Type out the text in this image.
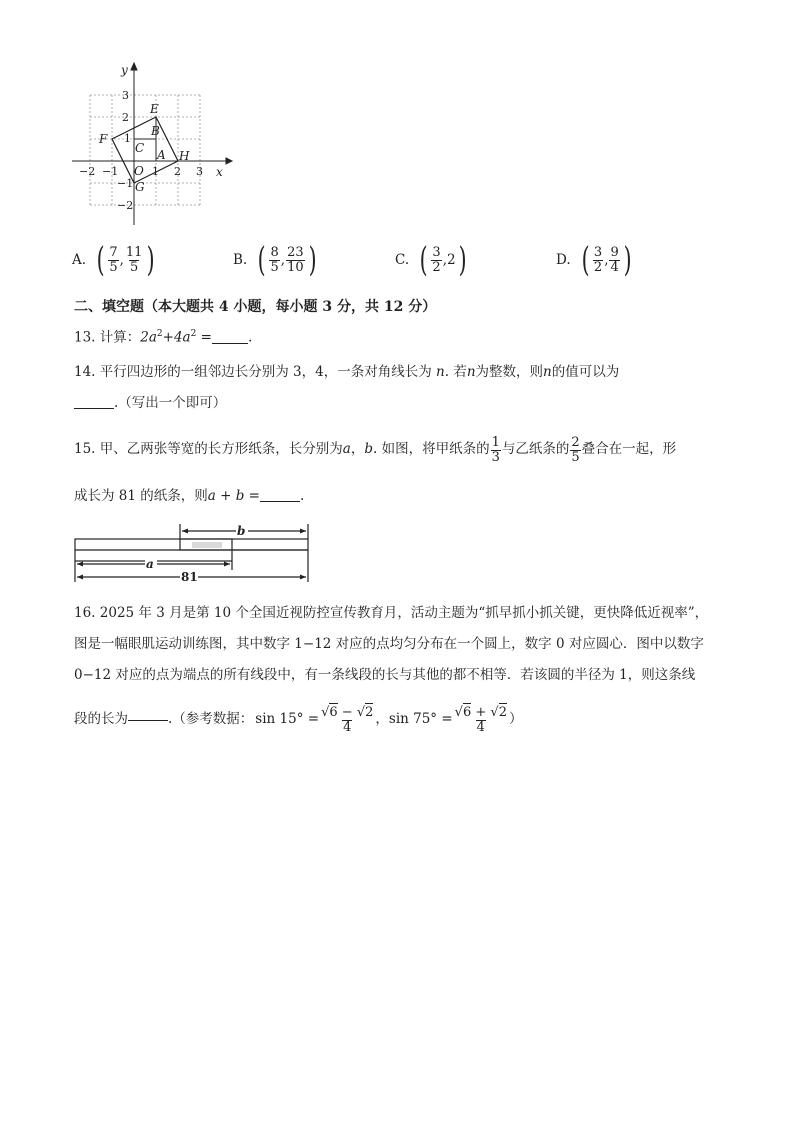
y
x
E
F
B
C A H
G
O
3
2
1
−1
−2
−2 −1	1 2 3
A. ( $\frac{7}{5}$ , $\frac{11}{5}$ )	B. ( $\frac{8}{5}$ , $\frac{23}{10}$ )	C. ( $\frac{3}{2}$ , 2 )	D. ( $\frac{3}{2}$ , $\frac{9}{4}$ )
二、填空题（本大题共 4 小题，每小题 3 分，共 12 分）
13. 计算：$2a^2+4a^2$ =	.
14. 平行四边形的一组邻边长分别为 3，4，一条对角线长为 n. 若n为整数，则n的值可以为
.（写出一个即可）
15. 甲、乙两张等宽的长方形纸条，长分别为 a ， b . 如图，将甲纸条的 $\frac{1}{3}$ 与乙纸条的 $\frac{2}{5}$ 叠合在一起，形
成长为 81 的纸条，则a + b =	.
b
a
81
16. 2025 年 3 月是第 10 个全国近视防控宣传教育月，活动主题为“抓早抓小抓关键，更快降低近视率”，
图是一幅眼肌运动训练图，其中数字 1−12 对应的点均匀分布在一个圆上，数字 0 对应圆心．图中以数字
0−12 对应的点为端点的所有线段中，有一条线段的长与其他的都不相等．若该圆的半径为 1，则这条线
段的长为	.（参考数据： $\sin 15^\circ = \frac{√6 - √2}{4}$ ， $\sin 75^\circ = \frac{√6 + √2}{4}$ ）
